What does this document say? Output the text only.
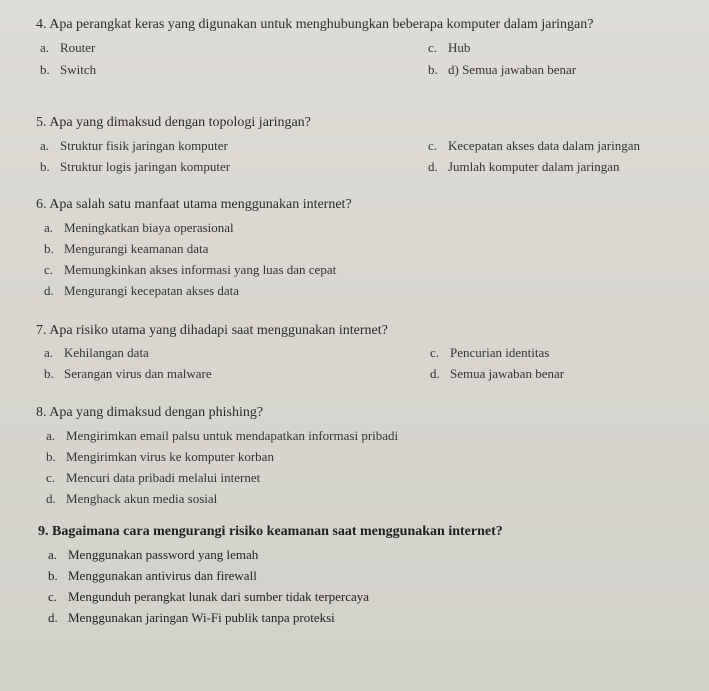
4. Apa perangkat keras yang digunakan untuk menghubungkan beberapa komputer dalam jaringan?
a. Router	c. Hub
b. Switch	b. d) Semua jawaban benar
5. Apa yang dimaksud dengan topologi jaringan?
a. Struktur fisik jaringan komputer	c. Kecepatan akses data dalam jaringan
b. Struktur logis jaringan komputer	d. Jumlah komputer dalam jaringan
6. Apa salah satu manfaat utama menggunakan internet?
a. Meningkatkan biaya operasional
b. Mengurangi keamanan data
c. Memungkinkan akses informasi yang luas dan cepat
d. Mengurangi kecepatan akses data
7. Apa risiko utama yang dihadapi saat menggunakan internet?
a. Kehilangan data	c. Pencurian identitas
b. Serangan virus dan malware	d. Semua jawaban benar
8. Apa yang dimaksud dengan phishing?
a. Mengirimkan email palsu untuk mendapatkan informasi pribadi
b. Mengirimkan virus ke komputer korban
c. Mencuri data pribadi melalui internet
d. Menghack akun media sosial
9. Bagaimana cara mengurangi risiko keamanan saat menggunakan internet?
a. Menggunakan password yang lemah
b. Menggunakan antivirus dan firewall
c. Mengunduh perangkat lunak dari sumber tidak terpercaya
d. Menggunakan jaringan Wi-Fi publik tanpa proteksi
